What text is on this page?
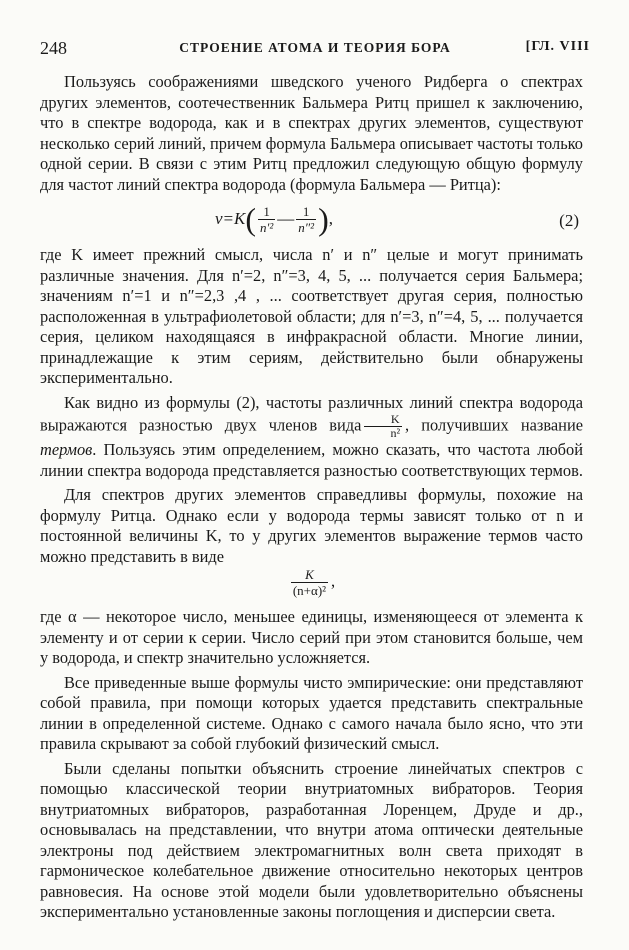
248	СТРОЕНИЕ АТОМА И ТЕОРИЯ БОРА	[ГЛ. VIII

Пользуясь соображениями шведского ученого Ридберга о спектрах других элементов, соотечественник Бальмера Ритц пришел к заключению, что в спектре водорода, как и в спектрах других элементов, существуют несколько серий линий, причем формула Бальмера описывает частоты только одной серии. В связи с этим Ритц предложил следующую общую формулу для частот линий спектра водорода (формула Бальмера — Ритца):

ν=K ( $\frac{1}{\text{n′²}}$ — $\frac{1}{\text{n″²}}$ ) ,	(2)

где K имеет прежний смысл, числа n′ и n″ целые и могут принимать различные значения. Для n′=2, n″=3, 4, 5, ... получается серия Бальмера; значениям n′=1 и n″=2,3 ,4 , ... соответствует другая серия, полностью расположенная в ультрафиолетовой области; для n′=3, n″=4, 5, ... получается серия, целиком находящаяся в инфракрасной области. Многие линии, принадлежащие к этим сериям, действительно были обнаружены экспериментально.

Как видно из формулы (2), частоты различных линий спектра водорода выражаются разностью двух членов вида $\frac{K}{\text{n²}}$ , получивших название термов. Пользуясь этим определением, можно сказать, что частота любой линии спектра водорода представляется разностью соответствующих термов.

Для спектров других элементов справедливы формулы, похожие на формулу Ритца. Однако если у водорода термы зависят только от n и постоянной величины K, то у других элементов выражение термов часто можно представить в виде

$\frac{K}{\text{(n+α)²}}$ ,

где α — некоторое число, меньшее единицы, изменяющееся от элемента к элементу и от серии к серии. Число серий при этом становится больше, чем у водорода, и спектр значительно усложняется.

Все приведенные выше формулы чисто эмпирические: они представляют собой правила, при помощи которых удается представить спектральные линии в определенной системе. Однако с самого начала было ясно, что эти правила скрывают за собой глубокий физический смысл.

Были сделаны попытки объяснить строение линейчатых спектров с помощью классической теории внутриатомных вибраторов. Теория внутриатомных вибраторов, разработанная Лоренцем, Друде и др., основывалась на представлении, что внутри атома оптически деятельные электроны под действием электромагнитных волн света приходят в гармоническое колебательное движение относительно некоторых центров равновесия. На основе этой модели были удовлетворительно объяснены экспериментально установленные законы поглощения и дисперсии света.
